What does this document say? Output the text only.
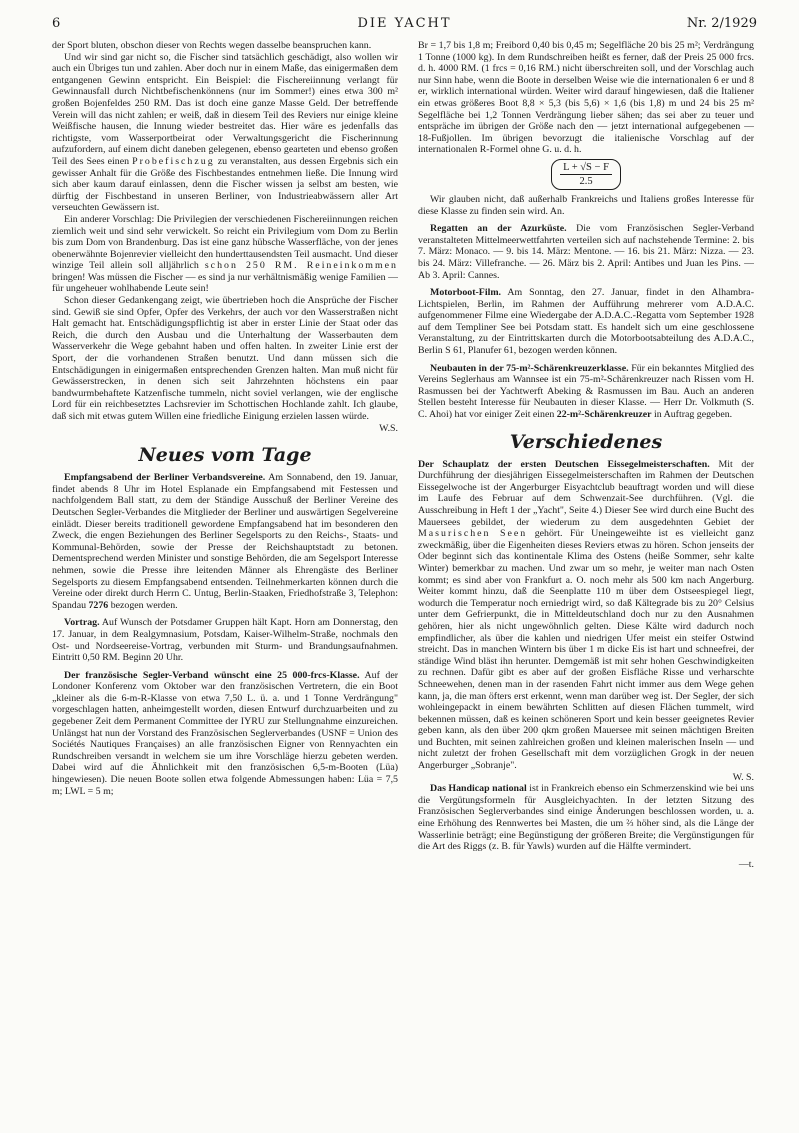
6	DIE YACHT	Nr. 2/1929

der Sport bluten, obschon dieser von Rechts wegen dasselbe beanspruchen kann.

Und wir sind gar nicht so, die Fischer sind tatsächlich geschädigt, also wollen wir auch ein Übriges tun und zahlen. Aber doch nur in einem Maße, das einigermaßen dem entgangenen Gewinn entspricht. Ein Beispiel: die Fischereiinnung verlangt für Gewinnausfall durch Nichtbefischenkönnens (nur im Sommer!) eines etwa 300 m² großen Bojenfeldes 250 RM. Das ist doch eine ganze Masse Geld. Der betreffende Verein will das nicht zahlen; er weiß, daß in diesem Teil des Reviers nur einige kleine Weißfische hausen, die Innung wieder bestreitet das. Hier wäre es jedenfalls das richtigste, vom Wasserportbeirat oder Verwaltungsgericht die Fischerinnung aufzufordern, auf einem dicht daneben gelegenen, ebenso gearteten und ebenso großen Teil des Sees einen Probefischzug zu veranstalten, aus dessen Ergebnis sich ein gewisser Anhalt für die Größe des Fischbestandes entnehmen ließe. Die Innung wird sich aber kaum darauf einlassen, denn die Fischer wissen ja selbst am besten, wie dürftig der Fischbestand in unseren Berliner, von Industrieabwässern aller Art verseuchten Gewässern ist.

Ein anderer Vorschlag: Die Privilegien der verschiedenen Fischereiinnungen reichen ziemlich weit und sind sehr verwickelt. So reicht ein Privilegium vom Dom zu Berlin bis zum Dom von Brandenburg. Das ist eine ganz hübsche Wasserfläche, von der jenes obenerwähnte Bojenrevier vielleicht den hunderttausendsten Teil ausmacht. Und dieser winzige Teil allein soll alljährlich schon 250 RM. Reineinkommen bringen! Was müssen die Fischer — es sind ja nur verhältnismäßig wenige Familien — für ungeheuer wohlhabende Leute sein!

Schon dieser Gedankengang zeigt, wie übertrieben hoch die Ansprüche der Fischer sind. Gewiß sie sind Opfer, Opfer des Verkehrs, der auch vor den Wasserstraßen nicht Halt gemacht hat. Entschädigungspflichtig ist aber in erster Linie der Staat oder das Reich, die durch den Ausbau und die Unterhaltung der Wasserbauten dem Wasserverkehr die Wege gebahnt haben und offen halten. In zweiter Linie erst der Sport, der die vorhandenen Straßen benutzt. Und dann müssen sich die Entschädigungen in einigermaßen entsprechenden Grenzen halten. Man muß nicht für Gewässerstrecken, in denen sich seit Jahrzehnten höchstens ein paar bandwurmbehaftete Katzenfische tummeln, nicht soviel verlangen, wie der englische Lord für ein reichbesetztes Lachsrevier im Schottischen Hochlande zahlt. Ich glaube, daß sich mit etwas gutem Willen eine friedliche Einigung erzielen lassen würde.

W.S.

Neues vom Tage

Empfangsabend der Berliner Verbandsvereine. Am Sonnabend, den 19. Januar, findet abends 8 Uhr im Hotel Esplanade ein Empfangsabend mit Festessen und nachfolgendem Ball statt, zu dem der Ständige Ausschuß der Berliner Vereine des Deutschen Segler-Verbandes die Mitglieder der Berliner und auswärtigen Segelvereine einlädt. Dieser bereits traditionell gewordene Empfangsabend hat im besonderen den Zweck, die engen Beziehungen des Berliner Segelsports zu den Reichs-, Staats- und Kommunal-Behörden, sowie der Presse der Reichshauptstadt zu betonen. Dementsprechend werden Minister und sonstige Behörden, die am Segelsport Interesse nehmen, sowie die Presse ihre leitenden Männer als Ehrengäste des Berliner Segelsports zu diesem Empfangsabend entsenden. Teilnehmerkarten können durch die Vereine oder direkt durch Herrn C. Untug, Berlin-Staaken, Friedhofstraße 3, Telephon: Spandau 7276 bezogen werden.

Vortrag. Auf Wunsch der Potsdamer Gruppen hält Kapt. Horn am Donnerstag, den 17. Januar, in dem Realgymnasium, Potsdam, Kaiser-Wilhelm-Straße, nochmals den Ost- und Nordseereise-Vortrag, verbunden mit Sturm- und Brandungsaufnahmen. Eintritt 0,50 RM. Beginn 20 Uhr.

Der französische Segler-Verband wünscht eine 25 000-frcs-Klasse. Auf der Londoner Konferenz vom Oktober war den französischen Vertretern, die ein Boot „kleiner als die 6-m-R-Klasse von etwa 7,50 L. ü. a. und 1 Tonne Verdrängung" vorgeschlagen hatten, anheimgestellt worden, diesen Entwurf durchzuarbeiten und zu gegebener Zeit dem Permanent Committee der IYRU zur Stellungnahme einzureichen. Unlängst hat nun der Vorstand des Französischen Seglerverbandes (USNF = Union des Sociétés Nautiques Françaises) an alle französischen Eigner von Rennyachten ein Rundschreiben versandt in welchem sie um ihre Vorschläge hierzu gebeten werden. Dabei wird auf die Ähnlichkeit mit den französischen 6,5-m-Booten (Lüa) hingewiesen). Die neuen Boote sollen etwa folgende Abmessungen haben: Lüa = 7,5 m; LWL = 5 m;

Br = 1,7 bis 1,8 m; Freibord 0,40 bis 0,45 m; Segelfläche 20 bis 25 m²; Verdrängung 1 Tonne (1000 kg). In dem Rundschreiben heißt es ferner, daß der Preis 25 000 frcs. d. h. 4000 RM. (1 frcs = 0,16 RM.) nicht überschreiten soll, und der Vorschlag auch nur Sinn habe, wenn die Boote in derselben Weise wie die internationalen 6 er und 8 er, wirklich international würden. Weiter wird darauf hingewiesen, daß die Italiener ein etwas größeres Boot 8,8 × 5,3 (bis 5,6) × 1,6 (bis 1,8) m und 24 bis 25 m² Segelfläche bei 1,2 Tonnen Verdrängung lieber sähen; das sei aber zu teuer und entspräche im übrigen der Größe nach den — jetzt international aufgegebenen — 18-Fußjollen. Im übrigen bevorzugt die italienische Vorschlag auf der internationalen R-Formel ohne G. u. d. h.

$\frac{L + √S - F}{2.5}$

Wir glauben nicht, daß außerhalb Frankreichs und Italiens großes Interesse für diese Klasse zu finden sein wird. An.

Regatten an der Azurküste. Die vom Französischen Segler-Verband veranstalteten Mittelmeerwettfahrten verteilen sich auf nachstehende Termine: 2. bis 7. März: Monaco. — 9. bis 14. März: Mentone. — 16. bis 21. März: Nizza. — 23. bis 24. März: Villefranche. — 26. März bis 2. April: Antibes und Juan les Pins. — Ab 3. April: Cannes.

Motorboot-Film. Am Sonntag, den 27. Januar, findet in den Alhambra-Lichtspielen, Berlin, im Rahmen der Aufführung mehrerer vom A.D.A.C. aufgenommener Filme eine Wiedergabe der A.D.A.C.-Regatta vom September 1928 auf dem Templiner See bei Potsdam statt. Es handelt sich um eine geschlossene Veranstaltung, zu der Eintrittskarten durch die Motorbootsabteilung des A.D.A.C., Berlin S 61, Planufer 61, bezogen werden können.

Neubauten in der 75-m²-Schärenkreuzerklasse. Für ein bekanntes Mitglied des Vereins Seglerhaus am Wannsee ist ein 75-m²-Schärenkreuzer nach Rissen vom H. Rasmussen bei der Yachtwerft Abeking & Rasmussen im Bau. Auch an anderen Stellen besteht Interesse für Neubauten in dieser Klasse. — Herr Dr. Volkmuth (S. C. Ahoi) hat vor einiger Zeit einen 22-m²-Schärenkreuzer in Auftrag gegeben.

Verschiedenes

Der Schauplatz der ersten Deutschen Eissegelmeisterschaften. Mit der Durchführung der diesjährigen Eissegelmeisterschaften im Rahmen der Deutschen Eissegelwoche ist der Angerburger Eisyachtclub beauftragt worden und will diese im Laufe des Februar auf dem Schwenzait-See durchführen. (Vgl. die Ausschreibung in Heft 1 der „Yacht", Seite 4.) Dieser See wird durch eine Bucht des Mauersees gebildet, der wiederum zu dem ausgedehnten Gebiet der Masurischen Seen gehört. Für Uneingeweihte ist es vielleicht ganz zweckmäßig, über die Eigenheiten dieses Reviers etwas zu hören. Schon jenseits der Oder beginnt sich das kontinentale Klima des Ostens (heiße Sommer, sehr kalte Winter) bemerkbar zu machen. Und zwar um so mehr, je weiter man nach Osten kommt; es sind aber von Frankfurt a. O. noch mehr als 500 km nach Angerburg. Weiter kommt hinzu, daß die Seenplatte 110 m über dem Ostseespiegel liegt, wodurch die Temperatur noch erniedrigt wird, so daß Kältegrade bis zu 20° Celsius unter dem Gefrierpunkt, die in Mitteldeutschland doch nur zu den Ausnahmen gehören, hier als nicht ungewöhnlich gelten. Diese Kälte wird dadurch noch empfindlicher, als über die kahlen und niedrigen Ufer meist ein steifer Ostwind streicht. Das in manchen Wintern bis über 1 m dicke Eis ist hart und schneefrei, der ständige Wind bläst ihn herunter. Demgemäß ist mit sehr hohen Geschwindigkeiten zu rechnen. Dafür gibt es aber auf der großen Eisfläche Risse und verharschte Schneewehen, denen man in der rasenden Fahrt nicht immer aus dem Wege gehen kann, ja, die man öfters erst erkennt, wenn man darüber weg ist. Der Segler, der sich wohleingepackt in einem bewährten Schlitten auf diesen Flächen tummelt, wird bekennen müssen, daß es keinen schöneren Sport und kein besser geeignetes Revier geben kann, als den über 200 qkm großen Mauersee mit seinen mächtigen Breiten und Buchten, mit seinen zahlreichen großen und kleinen malerischen Inseln — und nicht zuletzt der frohen Gesellschaft mit dem vorzüglichen Grogk in der neuen Angerburger „Sobranje".

W. S.

Das Handicap national ist in Frankreich ebenso ein Schmerzenskind wie bei uns die Vergütungsformeln für Ausgleichyachten. In der letzten Sitzung des Französischen Seglerverbandes sind einige Änderungen beschlossen worden, u. a. eine Erhöhung des Rennwertes bei Masten, die um ⅔ höher sind, als die Länge der Wasserlinie beträgt; eine Begünstigung der größeren Breite; die Vergünstigungen für die Art des Riggs (z. B. für Yawls) wurden auf die Hälfte vermindert.

—t.
